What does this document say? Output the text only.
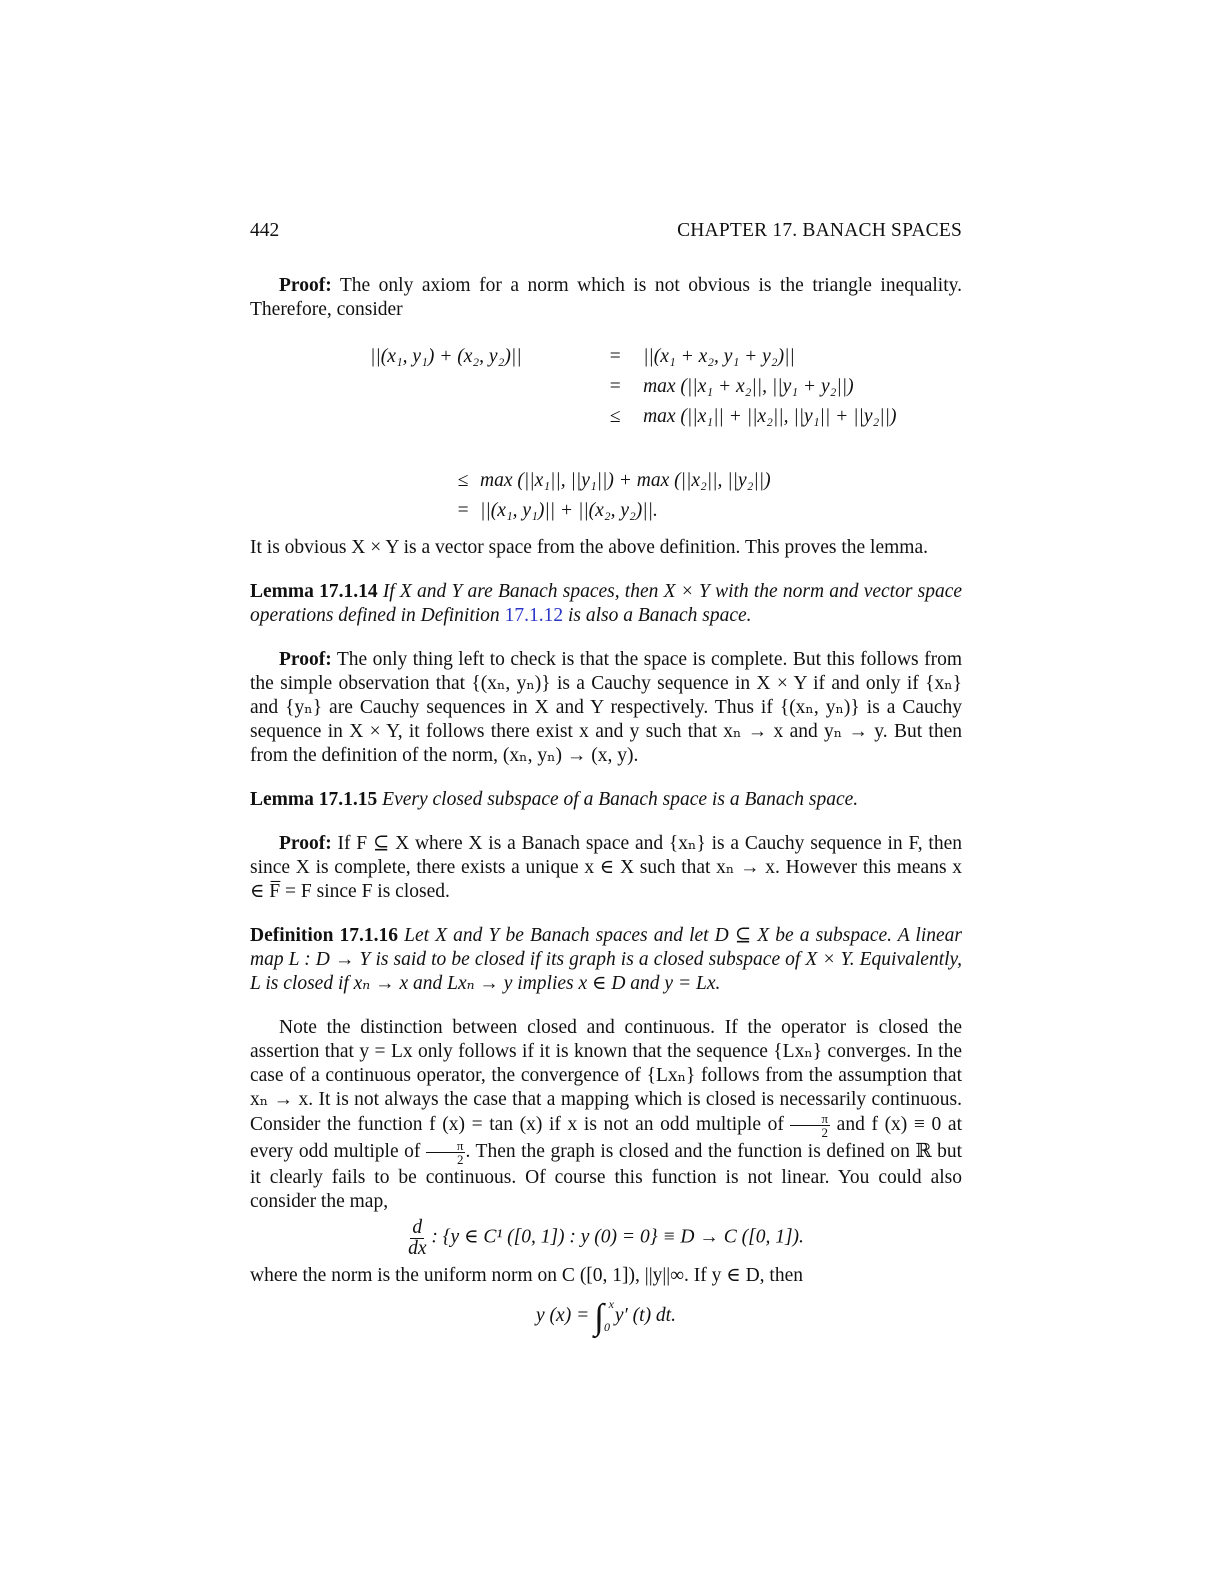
442	CHAPTER 17. BANACH SPACES

Proof: The only axiom for a norm which is not obvious is the triangle inequality. Therefore, consider

||(x₁, y₁) + (x₂, y₂)||	=	||(x₁ + x₂, y₁ + y₂)||
=	max (||x₁ + x₂||, ||y₁ + y₂||)
≤	max (||x₁|| + ||x₂||, ||y₁|| + ||y₂||)
≤ max (||x₁||, ||y₁||) + max (||x₂||, ||y₂||)
= ||(x₁, y₁)|| + ||(x₂, y₂)||.

It is obvious X × Y is a vector space from the above definition. This proves the lemma.

Lemma 17.1.14 If X and Y are Banach spaces, then X × Y with the norm and vector space operations defined in Definition 17.1.12 is also a Banach space.

Proof: The only thing left to check is that the space is complete. But this follows from the simple observation that {(xₙ, yₙ)} is a Cauchy sequence in X × Y if and only if {xₙ} and {yₙ} are Cauchy sequences in X and Y respectively. Thus if {(xₙ, yₙ)} is a Cauchy sequence in X × Y, it follows there exist x and y such that xₙ → x and yₙ → y. But then from the definition of the norm, (xₙ, yₙ) → (x, y).

Lemma 17.1.15 Every closed subspace of a Banach space is a Banach space.

Proof: If F ⊆ X where X is a Banach space and {xₙ} is a Cauchy sequence in F, then since X is complete, there exists a unique x ∈ X such that xₙ → x. However this means x ∈ F̅ = F since F is closed.

Definition 17.1.16 Let X and Y be Banach spaces and let D ⊆ X be a subspace. A linear map L : D → Y is said to be closed if its graph is a closed subspace of X × Y. Equivalently, L is closed if xₙ → x and Lxₙ → y implies x ∈ D and y = Lx.

Note the distinction between closed and continuous. If the operator is closed the assertion that y = Lx only follows if it is known that the sequence {Lxₙ} converges. In the case of a continuous operator, the convergence of {Lxₙ} follows from the assumption that xₙ → x. It is not always the case that a mapping which is closed is necessarily continuous. Consider the function f (x) = tan (x) if x is not an odd multiple of $\frac{\pi}{2}$ and f (x) ≡ 0 at every odd multiple of $\frac{\pi}{2}$ . Then the graph is closed and the function is defined on ℝ but it clearly fails to be continuous. Of course this function is not linear. You could also consider the map,

$\frac{d}{dx}$ : {y ∈ C¹ ([0, 1]) : y (0) = 0} ≡ D → C ([0, 1]).

where the norm is the uniform norm on C ([0, 1]), ||y||∞. If y ∈ D, then

y (x) = ∫ x
0
y′ (t) dt.
